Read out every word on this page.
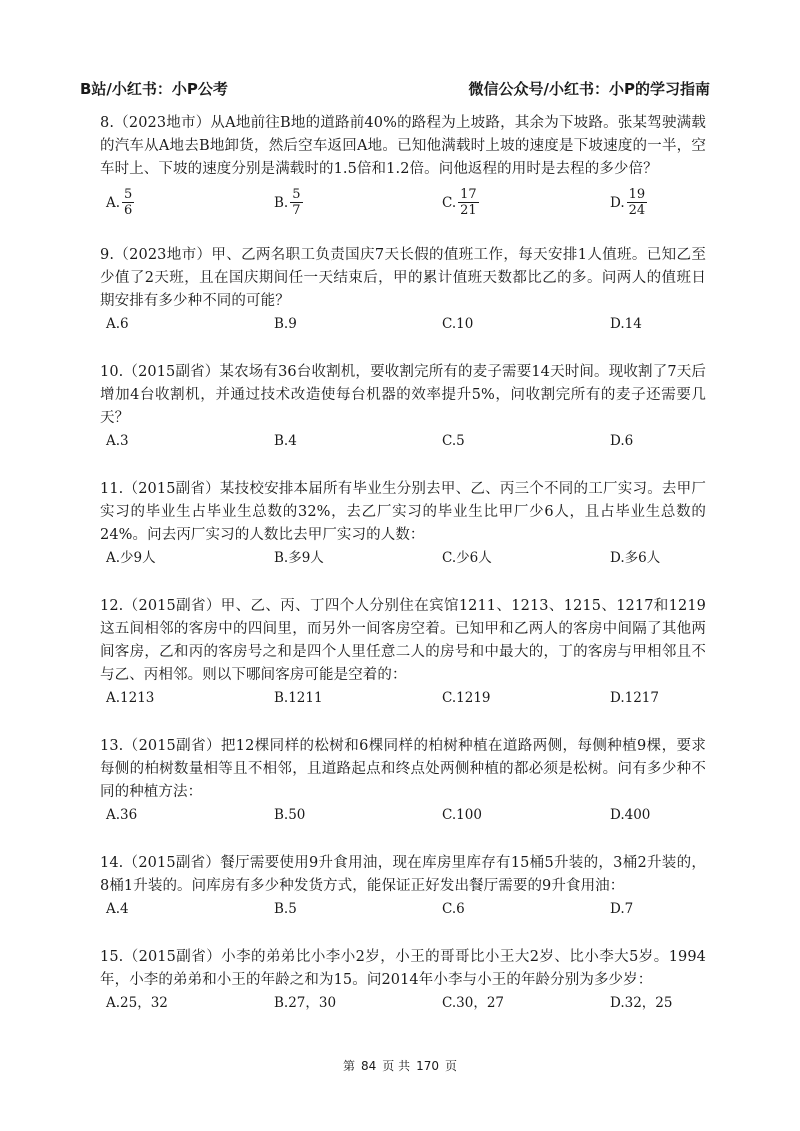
B站/小红书：小P公考	微信公众号/小红书：小P的学习指南
8.（2023地市）从A地前往B地的道路前40%的路程为上坡路，其余为下坡路。张某驾驶满载的汽车从A地去B地卸货，然后空车返回A地。已知他满载时上坡的速度是下坡速度的一半，空车时上、下坡的速度分别是满载时的1.5倍和1.2倍。问他返程的用时是去程的多少倍？
A. $\frac{5}{6}$	B. $\frac{5}{7}$	C. $\frac{17}{21}$	D. $\frac{19}{24}$
9.（2023地市）甲、乙两名职工负责国庆7天长假的值班工作，每天安排1人值班。已知乙至少值了2天班，且在国庆期间任一天结束后，甲的累计值班天数都比乙的多。问两人的值班日期安排有多少种不同的可能？
A.6	B.9	C.10	D.14
10.（2015副省）某农场有36台收割机，要收割完所有的麦子需要14天时间。现收割了7天后增加4台收割机，并通过技术改造使每台机器的效率提升5%，问收割完所有的麦子还需要几天？
A.3	B.4	C.5	D.6
11.（2015副省）某技校安排本届所有毕业生分别去甲、乙、丙三个不同的工厂实习。去甲厂实习的毕业生占毕业生总数的32%，去乙厂实习的毕业生比甲厂少6人，且占毕业生总数的24%。问去丙厂实习的人数比去甲厂实习的人数：
A.少9人	B.多9人	C.少6人	D.多6人
12.（2015副省）甲、乙、丙、丁四个人分别住在宾馆1211、1213、1215、1217和1219这五间相邻的客房中的四间里，而另外一间客房空着。已知甲和乙两人的客房中间隔了其他两间客房，乙和丙的客房号之和是四个人里任意二人的房号和中最大的，丁的客房与甲相邻且不与乙、丙相邻。则以下哪间客房可能是空着的：
A.1213	B.1211	C.1219	D.1217
13.（2015副省）把12棵同样的松树和6棵同样的柏树种植在道路两侧，每侧种植9棵，要求每侧的柏树数量相等且不相邻，且道路起点和终点处两侧种植的都必须是松树。问有多少种不同的种植方法：
A.36	B.50	C.100	D.400
14.（2015副省）餐厅需要使用9升食用油，现在库房里库存有15桶5升装的，3桶2升装的，8桶1升装的。问库房有多少种发货方式，能保证正好发出餐厅需要的9升食用油：
A.4	B.5	C.6	D.7
15.（2015副省）小李的弟弟比小李小2岁，小王的哥哥比小王大2岁、比小李大5岁。1994年，小李的弟弟和小王的年龄之和为15。问2014年小李与小王的年龄分别为多少岁：
A.25，32	B.27，30	C.30，27	D.32，25
第 84 页 共 170 页
